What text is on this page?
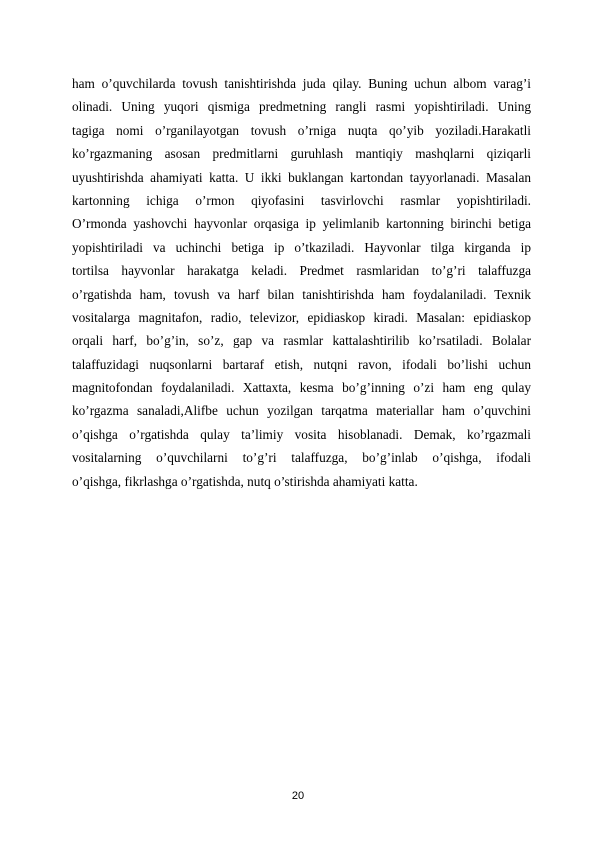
ham o’quvchilarda tovush tanishtirishda juda qilay. Buning uchun albom varag’i
olinadi. Uning yuqori qismiga predmetning rangli rasmi yopishtiriladi. Uning
tagiga nomi o’rganilayotgan tovush o’rniga nuqta qo’yib yoziladi.Harakatli
ko’rgazmaning asosan predmitlarni guruhlash mantiqiy mashqlarni qiziqarli
uyushtirishda ahamiyati katta. U ikki buklangan kartondan tayyorlanadi. Masalan
kartonning ichiga o’rmon qiyofasini tasvirlovchi rasmlar yopishtiriladi.
O’rmonda yashovchi hayvonlar orqasiga ip yelimlanib kartonning birinchi betiga
yopishtiriladi va uchinchi betiga ip o’tkaziladi. Hayvonlar tilga kirganda ip
tortilsa hayvonlar harakatga keladi. Predmet rasmlaridan to’g’ri talaffuzga
o’rgatishda ham, tovush va harf bilan tanishtirishda ham foydalaniladi. Texnik
vositalarga magnitafon, radio, televizor, epidiaskop kiradi. Masalan: epidiaskop
orqali harf, bo’g’in, so’z, gap va rasmlar kattalashtirilib ko’rsatiladi. Bolalar
talaffuzidagi nuqsonlarni bartaraf etish, nutqni ravon, ifodali bo’lishi uchun
magnitofondan foydalaniladi. Xattaxta, kesma bo’g’inning o’zi ham eng qulay
ko’rgazma sanaladi,Alifbe uchun yozilgan tarqatma materiallar ham o’quvchini
o’qishga o’rgatishda qulay ta’limiy vosita hisoblanadi. Demak, ko’rgazmali
vositalarning o’quvchilarni to’g’ri talaffuzga, bo’g’inlab o’qishga, ifodali
o’qishga, fikrlashga o’rgatishda, nutq o’stirishda ahamiyati katta.
20
